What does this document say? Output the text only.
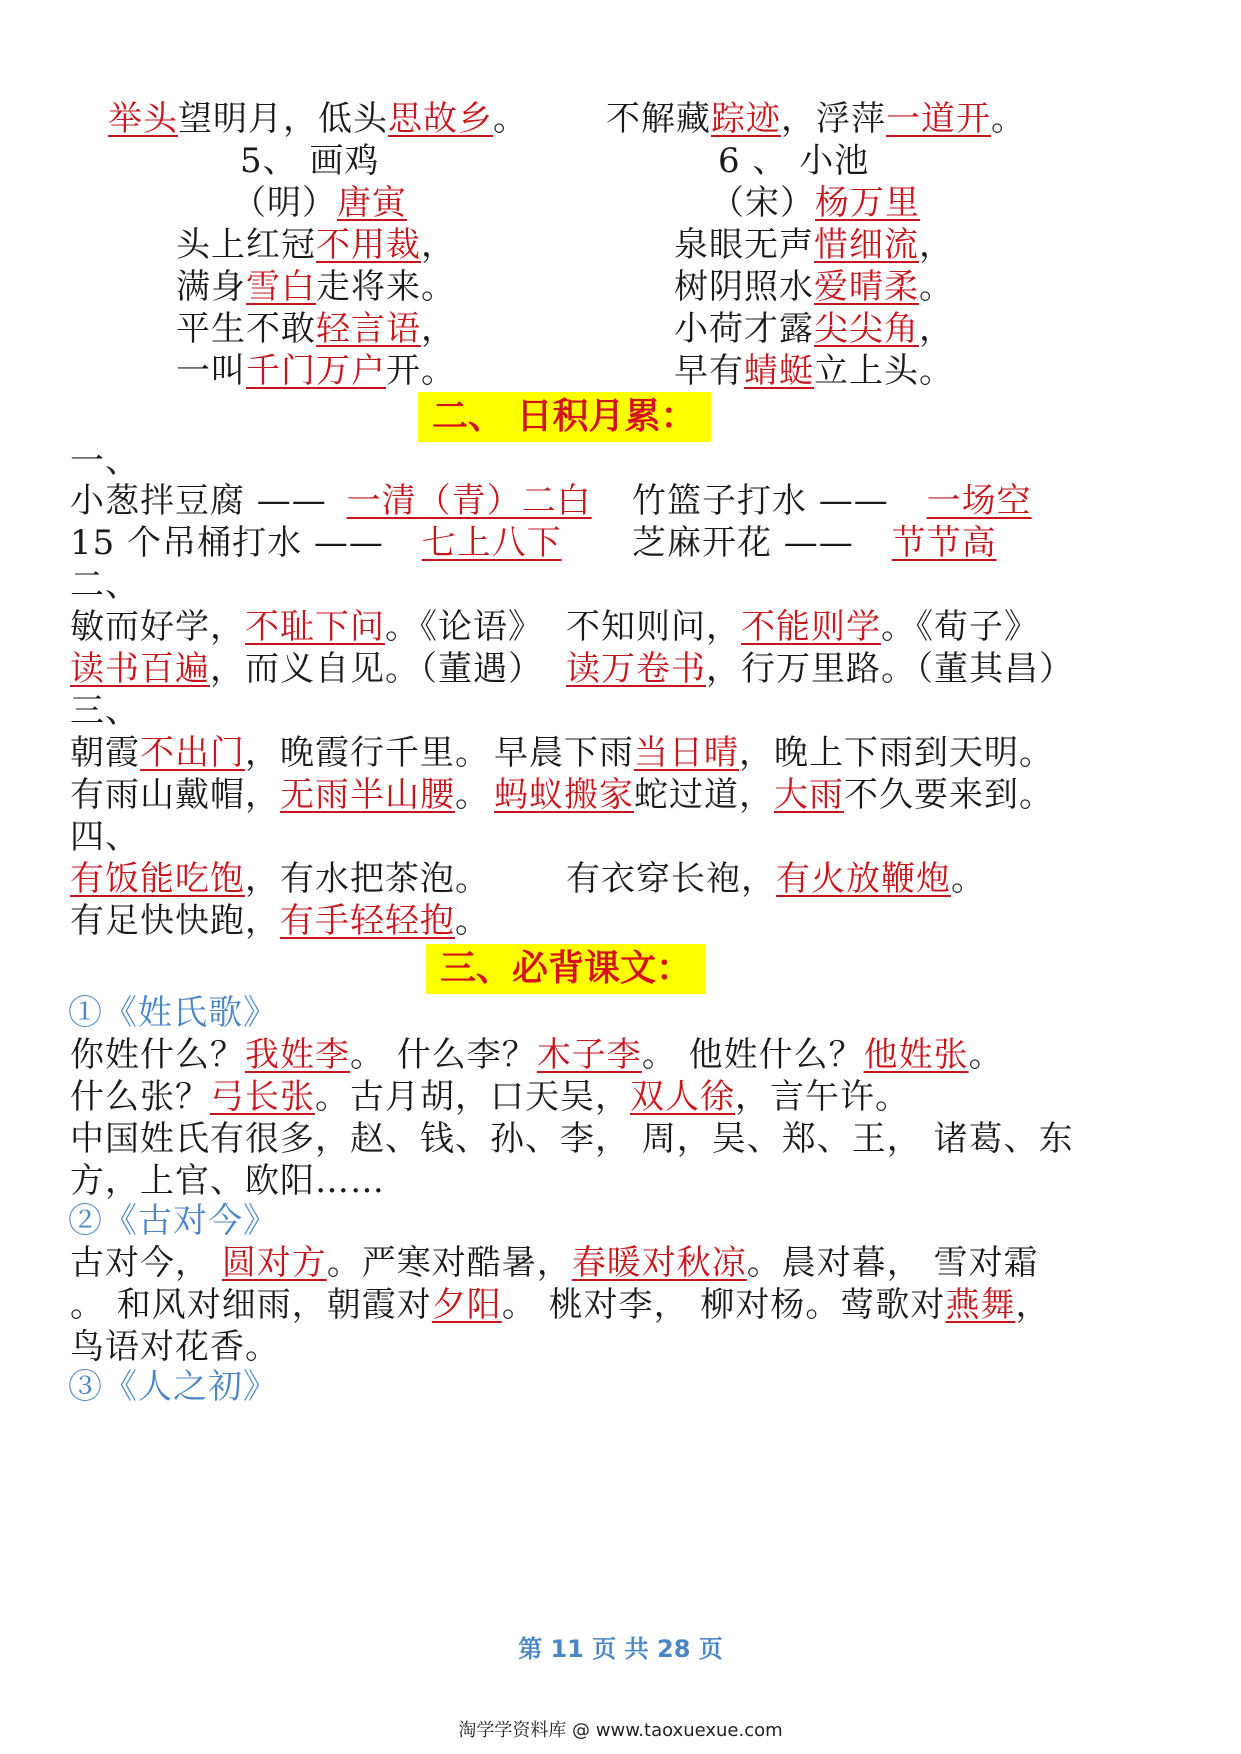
举头望明月，低头思故乡。 不解藏踪迹，浮萍一道开。
5、 画鸡
（明）唐寅
头上红冠不用裁，
满身雪白走将来。
平生不敢轻言语，
一叫千门万户开。
6 、 小池
（宋）杨万里
泉眼无声惜细流，
树阴照水爱晴柔。
小荷才露尖尖角，
早有蜻蜓立上头。
二、 日积月累：
一、
小葱拌豆腐 —— 一清（青）二白 竹篮子打水 —— 一场空
15 个吊桶打水 —— 七上八下 芝麻开花 —— 节节高
二、
敏而好学，不耻下问。《论语》 不知则问，不能则学。《荀子》
读书百遍，而义自见。（董遇） 读万卷书，行万里路。（董其昌）
三、
朝霞不出门，晚霞行千里。 早晨下雨当日晴，晚上下雨到天明。
有雨山戴帽，无雨半山腰。 蚂蚁搬家蛇过道，大雨不久要来到。
四、
有饭能吃饱，有水把茶泡。 有衣穿长袍，有火放鞭炮。
有足快快跑，有手轻轻抱。
三、必背课文：
①《姓氏歌》
你姓什么？我姓李。 什么李？木子李。 他姓什么？他姓张。
什么张？弓长张。古月胡，口天吴，双人徐，言午许。
中国姓氏有很多，赵、钱、孙、李， 周，吴、郑、王， 诸葛、东
方，上官、欧阳……
②《古对今》
古对今， 圆对方。严寒对酷暑，春暖对秋凉。晨对暮， 雪对霜
。 和风对细雨，朝霞对夕阳。 桃对李， 柳对杨。莺歌对燕舞，
鸟语对花香。
③《人之初》
第 11 页 共 28 页
淘学学资料库 @ www.taoxuexue.com
